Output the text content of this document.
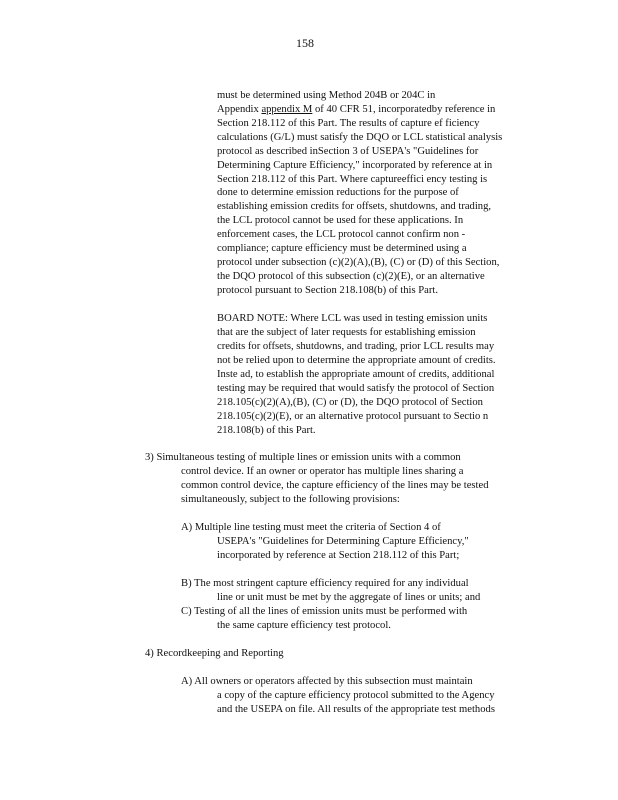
158
must be determined using Method 204B or 204C in
Appendix appendix M of 40 CFR 51, incorporatedby reference in
Section 218.112 of this Part. The results of capture ef ficiency
calculations (G/L) must satisfy the DQO or LCL statistical analysis
protocol as described inSection 3 of USEPA's "Guidelines for
Determining Capture Efficiency," incorporated by reference at in
Section 218.112 of this Part. Where captureeffici ency testing is
done to determine emission reductions for the purpose of
establishing emission credits for offsets, shutdowns, and trading,
the LCL protocol cannot be used for these applications. In
enforcement cases, the LCL protocol cannot confirm non -
compliance; capture efficiency must be determined using a
protocol under subsection (c)(2)(A),(B), (C) or (D) of this Section,
the DQO protocol of this subsection (c)(2)(E), or an alternative
protocol pursuant to Section 218.108(b) of this Part.
BOARD NOTE: Where LCL was used in testing emission units
that are the subject of later requests for establishing emission
credits for offsets, shutdowns, and trading, prior LCL results may
not be relied upon to determine the appropriate amount of credits.
Inste ad, to establish the appropriate amount of credits, additional
testing may be required that would satisfy the protocol of Section
218.105(c)(2)(A),(B), (C) or (D), the DQO protocol of Section
218.105(c)(2)(E), or an alternative protocol pursuant to Sectio n
218.108(b) of this Part.
3) Simultaneous testing of multiple lines or emission units with a common
control device. If an owner or operator has multiple lines sharing a
common control device, the capture efficiency of the lines may be tested
simultaneously, subject to the following provisions:
A) Multiple line testing must meet the criteria of Section 4 of
USEPA's "Guidelines for Determining Capture Efficiency,"
incorporated by reference at Section 218.112 of this Part;
B) The most stringent capture efficiency required for any individual
line or unit must be met by the aggregate of lines or units; and
C) Testing of all the lines of emission units must be performed with
the same capture efficiency test protocol.
4) Recordkeeping and Reporting
A) All owners or operators affected by this subsection must maintain
a copy of the capture efficiency protocol submitted to the Agency
and the USEPA on file. All results of the appropriate test methods
